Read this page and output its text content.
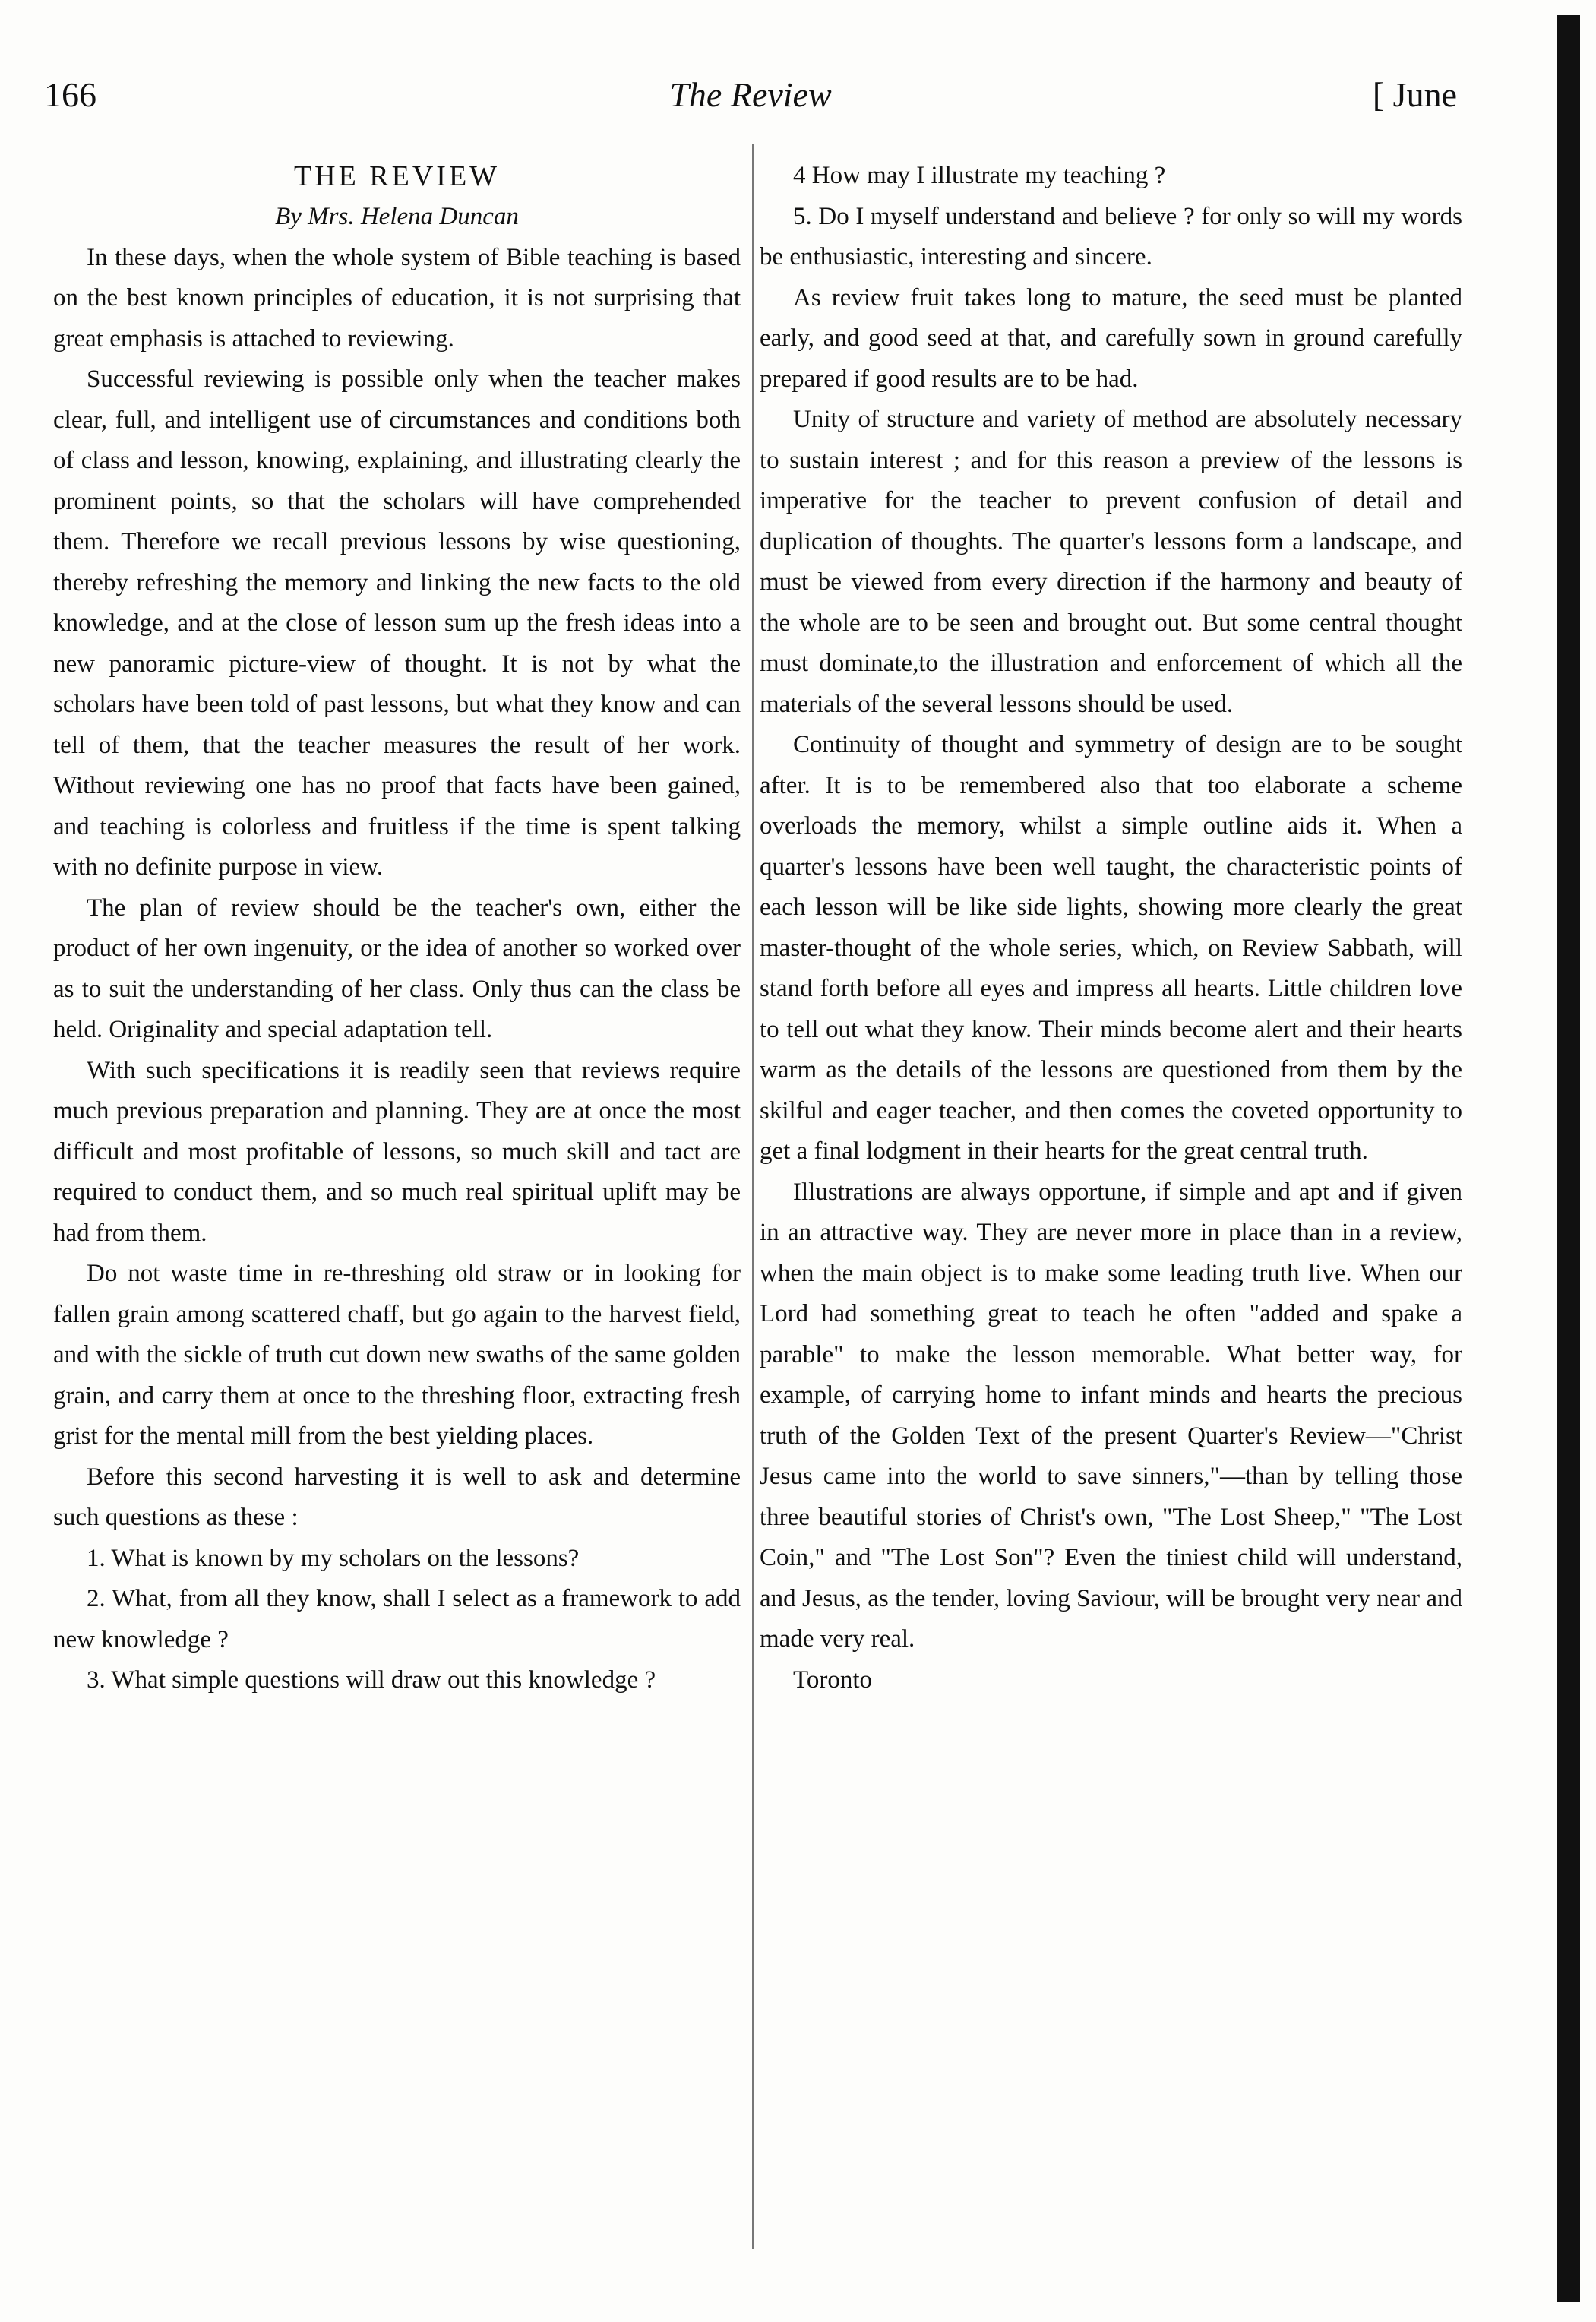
166	The Review	[ June
THE REVIEW

By Mrs. Helena Duncan

In these days, when the whole system of Bible teaching is based on the best known principles of education, it is not surprising that great emphasis is attached to reviewing.

Successful reviewing is possible only when the teacher makes clear, full, and intelligent use of circumstances and conditions both of class and lesson, knowing, explaining, and illustrating clearly the prominent points, so that the scholars will have comprehended them. Therefore we recall previous lessons by wise questioning, thereby refreshing the memory and linking the new facts to the old knowledge, and at the close of lesson sum up the fresh ideas into a new panoramic picture-view of thought. It is not by what the scholars have been told of past lessons, but what they know and can tell of them, that the teacher measures the result of her work. Without reviewing one has no proof that facts have been gained, and teaching is colorless and fruitless if the time is spent talking with no definite purpose in view.

The plan of review should be the teacher's own, either the product of her own ingenuity, or the idea of another so worked over as to suit the understanding of her class. Only thus can the class be held. Originality and special adaptation tell.

With such specifications it is readily seen that reviews require much previous preparation and planning. They are at once the most difficult and most profitable of lessons, so much skill and tact are required to conduct them, and so much real spiritual uplift may be had from them.

Do not waste time in re-threshing old straw or in looking for fallen grain among scattered chaff, but go again to the harvest field, and with the sickle of truth cut down new swaths of the same golden grain, and carry them at once to the threshing floor, extracting fresh grist for the mental mill from the best yielding places.

Before this second harvesting it is well to ask and determine such questions as these :

1. What is known by my scholars on the lessons?

2. What, from all they know, shall I select as a framework to add new knowledge ?

3. What simple questions will draw out this knowledge ?

4 How may I illustrate my teaching ?

5. Do I myself understand and believe ? for only so will my words be enthusiastic, interesting and sincere.

As review fruit takes long to mature, the seed must be planted early, and good seed at that, and carefully sown in ground carefully prepared if good results are to be had.

Unity of structure and variety of method are absolutely necessary to sustain interest ; and for this reason a preview of the lessons is imperative for the teacher to prevent confusion of detail and duplication of thoughts. The quarter's lessons form a landscape, and must be viewed from every direction if the harmony and beauty of the whole are to be seen and brought out. But some central thought must dominate,to the illustration and enforcement of which all the materials of the several lessons should be used.

Continuity of thought and symmetry of design are to be sought after. It is to be remembered also that too elaborate a scheme overloads the memory, whilst a simple outline aids it. When a quarter's lessons have been well taught, the characteristic points of each lesson will be like side lights, showing more clearly the great master-thought of the whole series, which, on Review Sabbath, will stand forth before all eyes and impress all hearts. Little children love to tell out what they know. Their minds become alert and their hearts warm as the details of the lessons are questioned from them by the skilful and eager teacher, and then comes the coveted opportunity to get a final lodgment in their hearts for the great central truth.

Illustrations are always opportune, if simple and apt and if given in an attractive way. They are never more in place than in a review, when the main object is to make some leading truth live. When our Lord had something great to teach he often "added and spake a parable" to make the lesson memorable. What better way, for example, of carrying home to infant minds and hearts the precious truth of the Golden Text of the present Quarter's Review—"Christ Jesus came into the world to save sinners,"—than by telling those three beautiful stories of Christ's own, "The Lost Sheep," "The Lost Coin," and "The Lost Son"? Even the tiniest child will understand, and Jesus, as the tender, loving Saviour, will be brought very near and made very real.

Toronto
